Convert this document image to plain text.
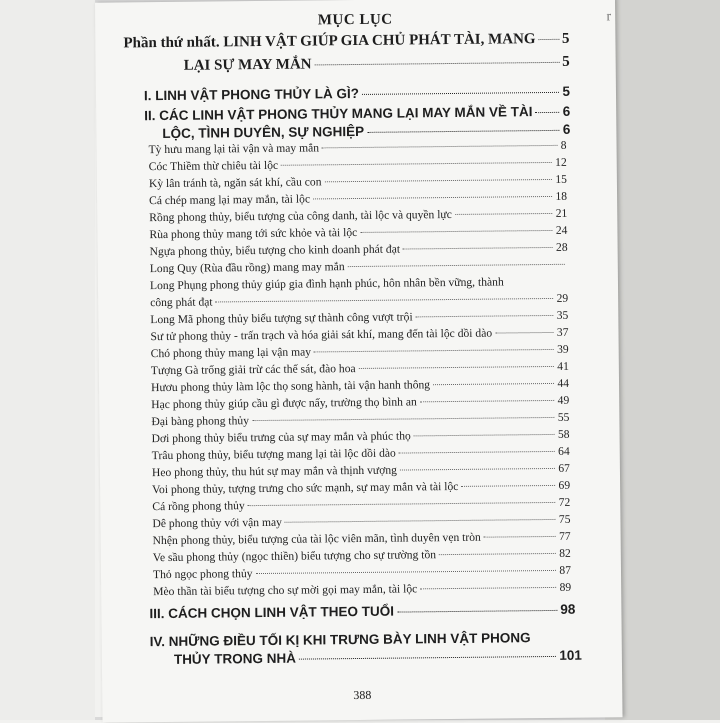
r
MỤC LỤC
Phần thứ nhất. LINH VẬT GIÚP GIA CHỦ PHÁT TÀI, MANG 5
LẠI SỰ MAY MẮN	5
I. LINH VẬT PHONG THỦY LÀ GÌ?	5
II. CÁC LINH VẬT PHONG THỦY MANG LẠI MAY MẮN VỀ TÀI 6
LỘC, TÌNH DUYÊN, SỰ NGHIỆP	6
Tỳ hưu mang lại tài vận và may mắn	8
Cóc Thiềm thừ chiêu tài lộc	12
Kỳ lân tránh tà, ngăn sát khí, cầu con	15
Cá chép mang lại may mắn, tài lộc	18
Rồng phong thủy, biểu tượng của công danh, tài lộc và quyền lực	21
Rùa phong thủy mang tới sức khỏe và tài lộc	24
Ngựa phong thủy, biểu tượng cho kinh doanh phát đạt	28
Long Quy (Rùa đầu rồng) mang may mắn
Long Phụng phong thủy giúp gia đình hạnh phúc, hôn nhân bền vững, thành
công phát đạt	29
Long Mã phong thủy biểu tượng sự thành công vượt trội	35
Sư tử phong thủy - trấn trạch và hóa giải sát khí, mang đến tài lộc dồi dào	37
Chó phong thủy mang lại vận may	39
Tượng Gà trống giải trừ các thế sát, đào hoa	41
Hươu phong thủy làm lộc thọ song hành, tài vận hanh thông	44
Hạc phong thủy giúp cầu gì được nấy, trường thọ bình an	49
Đại bàng phong thủy	55
Dơi phong thủy biểu trưng của sự may mắn và phúc thọ	58
Trâu phong thủy, biểu tượng mang lại tài lộc dồi dào	64
Heo phong thủy, thu hút sự may mắn và thịnh vượng	67
Voi phong thủy, tượng trưng cho sức mạnh, sự may mắn và tài lộc	69
Cá rồng phong thủy	72
Dê phong thủy với vận may	75
Nhện phong thủy, biểu tượng của tài lộc viên mãn, tình duyên vẹn tròn	77
Ve sầu phong thủy (ngọc thiền) biểu tượng cho sự trường tồn	82
Thỏ ngọc phong thủy	87
Mèo thần tài biểu tượng cho sự mời gọi may mắn, tài lộc	89
III. CÁCH CHỌN LINH VẬT THEO TUỔI	98
IV. NHỮNG ĐIỀU TỐI KỊ KHI TRƯNG BÀY LINH VẬT PHONG
THỦY TRONG NHÀ	101
388
